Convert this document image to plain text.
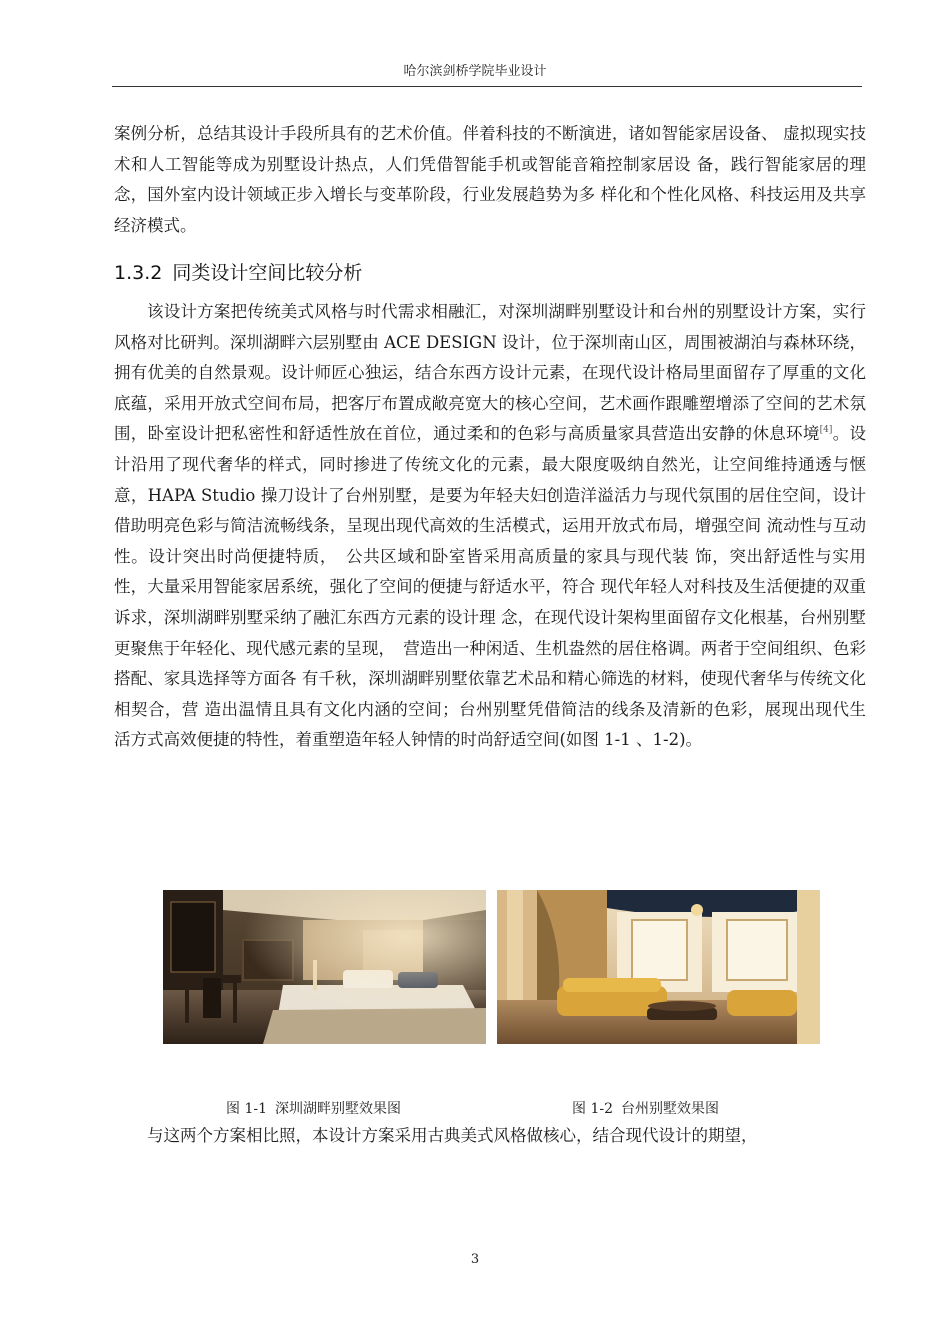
哈尔滨剑桥学院毕业设计

案例分析，总结其设计手段所具有的艺术价值。伴着科技的不断演进，诸如智能家居设备、 虚拟现实技术和人工智能等成为别墅设计热点，人们凭借智能手机或智能音箱控制家居设 备，践行智能家居的理念，国外室内设计领域正步入增长与变革阶段，行业发展趋势为多 样化和个性化风格、科技运用及共享经济模式。

1.3.2 同类设计空间比较分析

该设计方案把传统美式风格与时代需求相融汇，对深圳湖畔别墅设计和台州的别墅设计方案，实行风格对比研判。深圳湖畔六层别墅由 ACE DESIGN 设计，位于深圳南山区，周围被湖泊与森林环绕，拥有优美的自然景观。设计师匠心独运，结合东西方设计元素，在现代设计格局里面留存了厚重的文化底蕴，采用开放式空间布局，把客厅布置成敞亮宽大的核心空间，艺术画作跟雕塑增添了空间的艺术氛围，卧室设计把私密性和舒适性放在首位，通过柔和的色彩与高质量家具营造出安静的休息环境[4]。设计沿用了现代奢华的样式，同时掺进了传统文化的元素，最大限度吸纳自然光，让空间维持通透与惬意，HAPA Studio 操刀设计了台州别墅，是要为年轻夫妇创造洋溢活力与现代氛围的居住空间，设计 借助明亮色彩与简洁流畅线条，呈现出现代高效的生活模式，运用开放式布局，增强空间 流动性与互动性。设计突出时尚便捷特质，　公共区域和卧室皆采用高质量的家具与现代装 饰，突出舒适性与实用性，大量采用智能家居系统，强化了空间的便捷与舒适水平，符合 现代年轻人对科技及生活便捷的双重诉求，深圳湖畔别墅采纳了融汇东西方元素的设计理 念，在现代设计架构里面留存文化根基，台州别墅更聚焦于年轻化、现代感元素的呈现，　营造出一种闲适、生机盎然的居住格调。两者于空间组织、色彩搭配、家具选择等方面各 有千秋，深圳湖畔别墅依靠艺术品和精心筛选的材料，使现代奢华与传统文化相契合，营 造出温情且具有文化内涵的空间；台州别墅凭借简洁的线条及清新的色彩，展现出现代生 活方式高效便捷的特性，着重塑造年轻人钟情的时尚舒适空间(如图 1-1 、1-2)。

图 1-1 深圳湖畔别墅效果图	图 1-2 台州别墅效果图

与这两个方案相比照，本设计方案采用古典美式风格做核心，结合现代设计的期望，

3
